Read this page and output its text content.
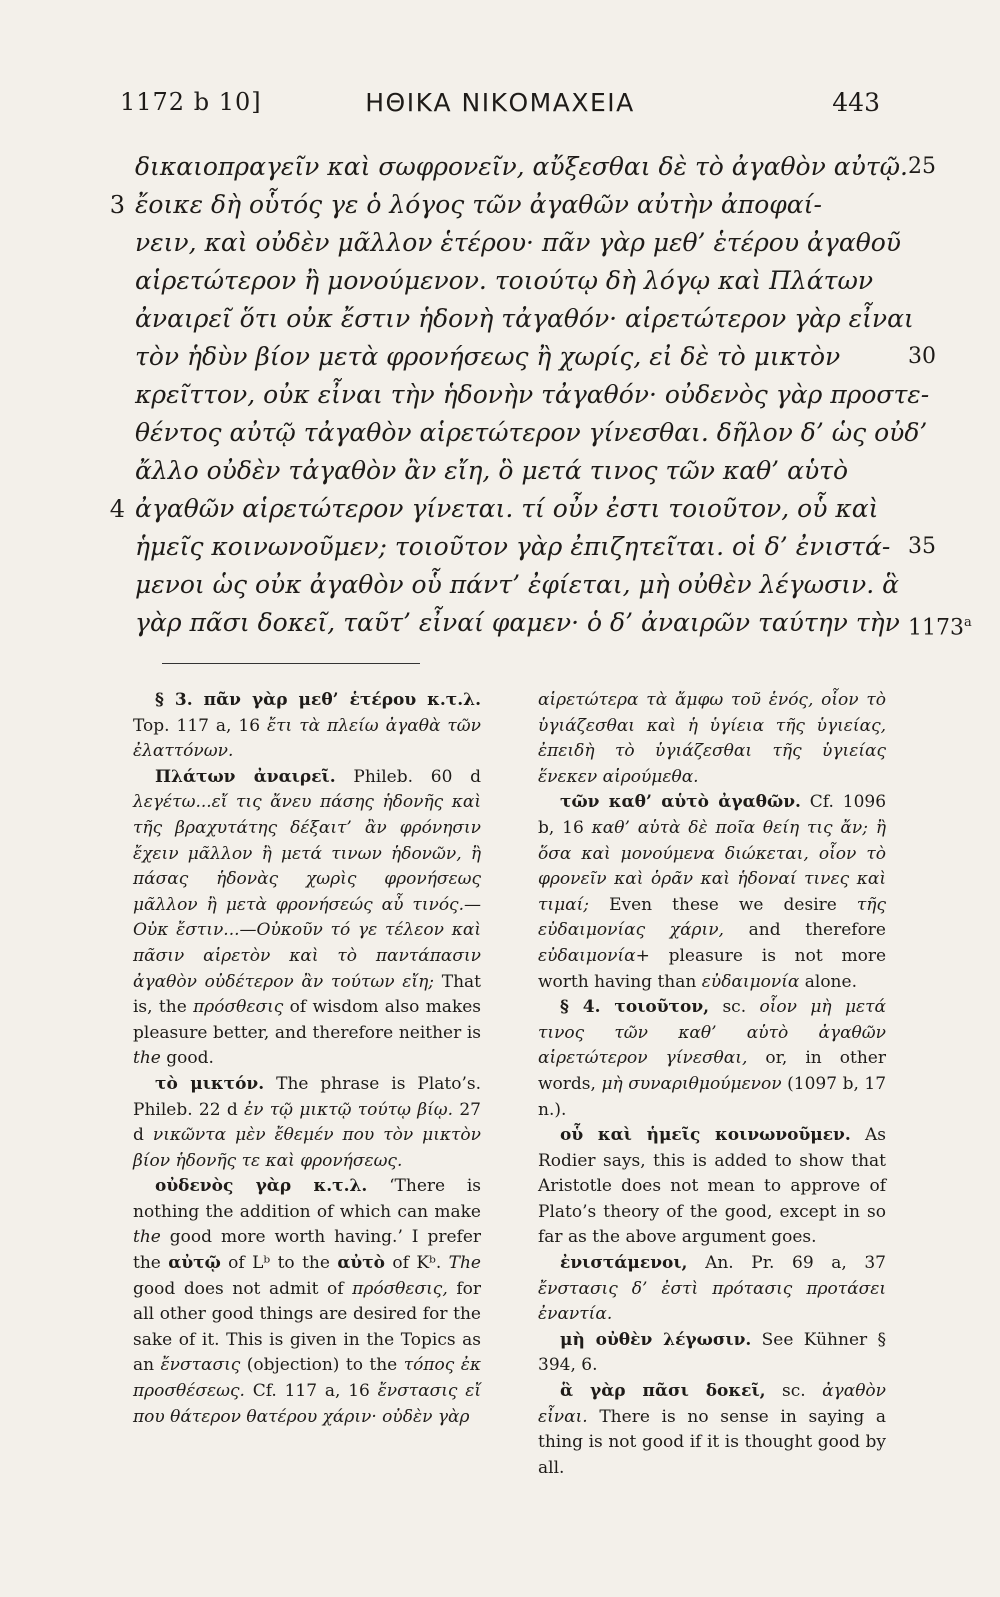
1172 b 10]	ΗΘΙΚΑ ΝΙΚΟΜΑΧΕΙΑ	443
δικαιοπραγεῖν καὶ σωφρονεῖν, αὔξεσθαι δὲ τὸ ἀγαθὸν αὐτῷ. 25
3 ἔοικε δὴ οὗτός γε ὁ λόγος τῶν ἀγαθῶν αὐτὴν ἀποφαί-
νειν, καὶ οὐδὲν μᾶλλον ἑτέρου· πᾶν γὰρ μεθ’ ἑτέρου ἀγαθοῦ
αἱρετώτερον ἢ μονούμενον. τοιούτῳ δὴ λόγῳ καὶ Πλάτων
ἀναιρεῖ ὅτι οὐκ ἔστιν ἡδονὴ τἀγαθόν· αἱρετώτερον γὰρ εἶναι
τὸν ἡδὺν βίον μετὰ φρονήσεως ἢ χωρίς, εἰ δὲ τὸ μικτὸν	30
κρεῖττον, οὐκ εἶναι τὴν ἡδονὴν τἀγαθόν· οὐδενὸς γὰρ προστε-
θέντος αὐτῷ τἀγαθὸν αἱρετώτερον γίνεσθαι. δῆλον δ’ ὡς οὐδ’
ἄλλο οὐδὲν τἀγαθὸν ἂν εἴη, ὃ μετά τινος τῶν καθ’ αὑτὸ
4 ἀγαθῶν αἱρετώτερον γίνεται. τί οὖν ἐστι τοιοῦτον, οὗ καὶ
ἡμεῖς κοινωνοῦμεν; τοιοῦτον γὰρ ἐπιζητεῖται. οἱ δ’ ἐνιστά- 35
μενοι ὡς οὐκ ἀγαθὸν οὗ πάντ’ ἐφίεται, μὴ οὐθὲν λέγωσιν. ἃ
γὰρ πᾶσι δοκεῖ, ταῦτ’ εἶναί φαμεν· ὁ δ’ ἀναιρῶν ταύτην τὴν 1173$^a$

§ 3. πᾶν γὰρ μεθ’ ἑτέρου κ.τ.λ. Top. 117 a, 16 ἔτι τὰ πλείω ἀγαθὰ τῶν ἐλαττόνων.

Πλάτων ἀναιρεῖ. Phileb. 60 d λεγέτω...εἴ τις ἄνευ πάσης ἡδονῆς καὶ τῆς βραχυτάτης δέξαιτ’ ἂν φρόνησιν ἔχειν μᾶλλον ἢ μετά τινων ἡδονῶν, ἢ πάσας ἡδονὰς χωρὶς φρονήσεως μᾶλλον ἢ μετὰ φρονήσεώς αὖ τινός.—Οὐκ ἔστιν...—Οὐκοῦν τό γε τέλεον καὶ πᾶσιν αἱρετὸν καὶ τὸ παντάπασιν ἀγαθὸν οὐδέτερον ἂν τούτων εἴη; That is, the πρόσθεσις of wisdom also makes pleasure better, and therefore neither is the good.

τὸ μικτόν. The phrase is Plato’s. Phileb. 22 d ἐν τῷ μικτῷ τούτῳ βίῳ. 27 d νικῶντα μὲν ἔθεμέν που τὸν μικτὸν βίον ἡδονῆς τε καὶ φρονήσεως.

οὐδενὸς γὰρ κ.τ.λ. ‘There is nothing the addition of which can make the good more worth having.’ I prefer the αὐτῷ of Lᵇ to the αὐτὸ of Kᵇ. The good does not admit of πρόσθεσις, for all other good things are desired for the sake of it. This is given in the Topics as an ἔνστασις (objection) to the τόπος ἐκ προσθέσεως. Cf. 117 a, 16 ἔνστασις εἴ που θάτερον θατέρου χάριν· οὐδὲν γὰρ

αἱρετώτερα τὰ ἄμφω τοῦ ἑνός, οἷον τὸ ὑγιάζεσθαι καὶ ἡ ὑγίεια τῆς ὑγιείας, ἐπειδὴ τὸ ὑγιάζεσθαι τῆς ὑγιείας ἕνεκεν αἱρούμεθα.

τῶν καθ’ αὑτὸ ἀγαθῶν. Cf. 1096 b, 16 καθ’ αὑτὰ δὲ ποῖα θείη τις ἄν; ἢ ὅσα καὶ μονούμενα διώκεται, οἷον τὸ φρονεῖν καὶ ὁρᾶν καὶ ἡδοναί τινες καὶ τιμαί; Even these we desire τῆς εὐδαιμονίας χάριν, and therefore εὐδαιμονία+ pleasure is not more worth having than εὐδαιμονία alone.

§ 4. τοιοῦτον, sc. οἷον μὴ μετά τινος τῶν καθ’ αὑτὸ ἀγαθῶν αἱρετώτερον γίνεσθαι, or, in other words, μὴ συναριθμούμενον (1097 b, 17 n.).

οὗ καὶ ἡμεῖς κοινωνοῦμεν. As Rodier says, this is added to show that Aristotle does not mean to approve of Plato’s theory of the good, except in so far as the above argument goes.

ἐνιστάμενοι, An. Pr. 69 a, 37 ἔνστασις δ’ ἐστὶ πρότασις προτάσει ἐναντία.

μὴ οὐθὲν λέγωσιν. See Kühner § 394, 6.

ἃ γὰρ πᾶσι δοκεῖ, sc. ἀγαθὸν εἶναι. There is no sense in saying a thing is not good if it is thought good by all.
